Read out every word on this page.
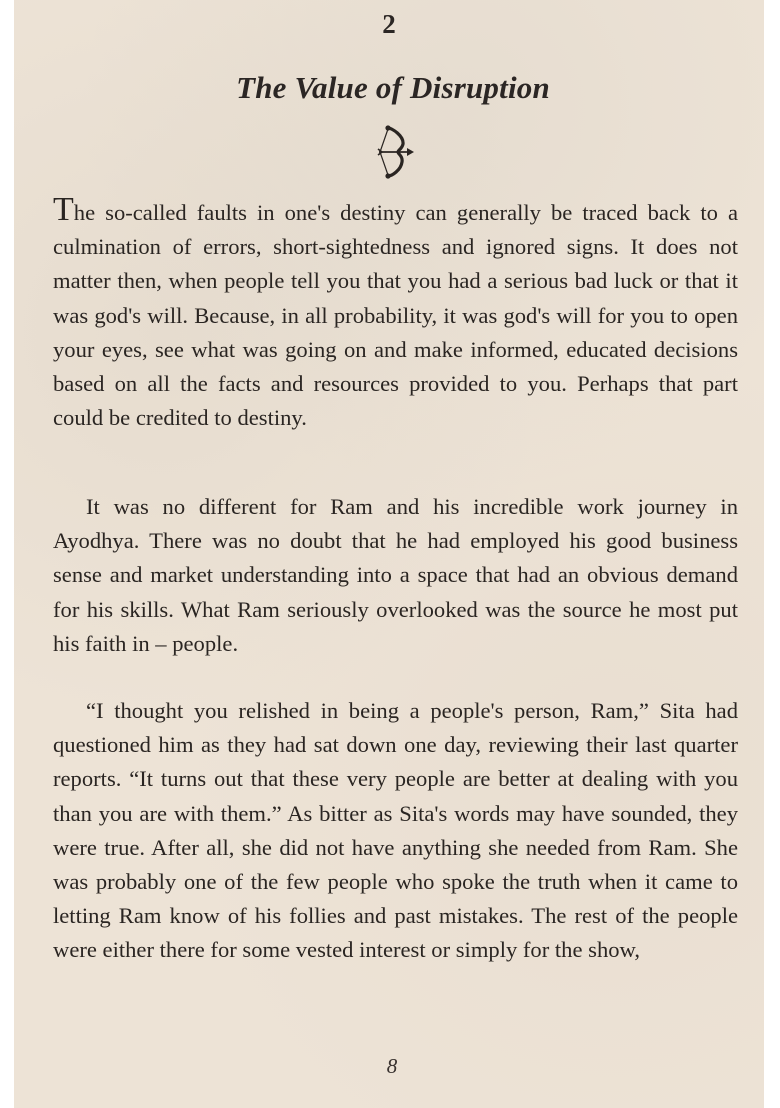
2
The Value of Disruption

The so-called faults in one's destiny can generally be traced back to a culmination of errors, short-sightedness and ignored signs. It does not matter then, when people tell you that you had a serious bad luck or that it was god's will. Because, in all probability, it was god's will for you to open your eyes, see what was going on and make informed, educated decisions based on all the facts and resources provided to you. Perhaps that part could be credited to destiny.

It was no different for Ram and his incredible work journey in Ayodhya. There was no doubt that he had employed his good business sense and market understanding into a space that had an obvious demand for his skills. What Ram seriously overlooked was the source he most put his faith in – people.

“I thought you relished in being a people's person, Ram,” Sita had questioned him as they had sat down one day, reviewing their last quarter reports. “It turns out that these very people are better at dealing with you than you are with them.” As bitter as Sita's words may have sounded, they were true. After all, she did not have anything she needed from Ram. She was probably one of the few people who spoke the truth when it came to letting Ram know of his follies and past mistakes. The rest of the people were either there for some vested interest or simply for the show,

8
